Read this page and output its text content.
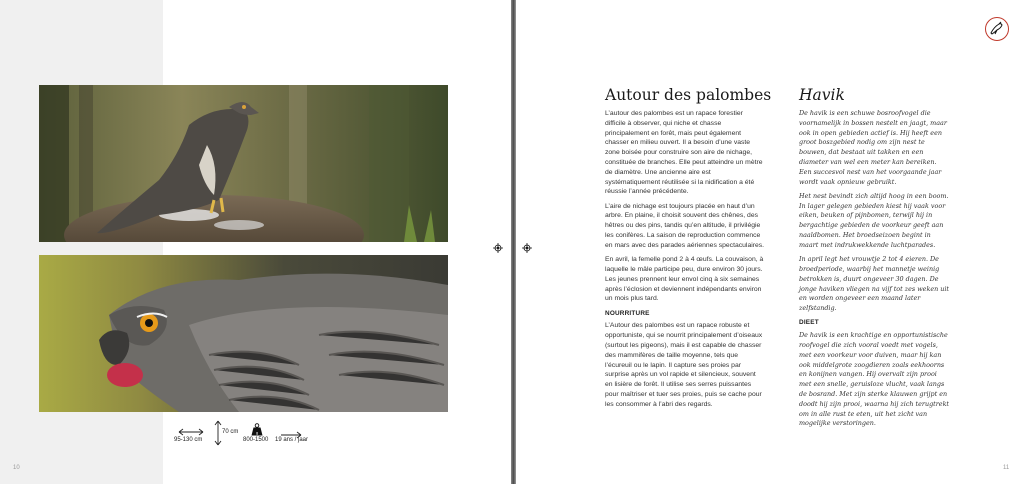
95-130 cm
70 cm	g
800-1500 19 ans / jaar
10
Autour des palombes

L’autour des palombes est un rapace forestier difficile à observer, qui niche et chasse principalement en forêt, mais peut également chasser en milieu ouvert. Il a besoin d’une vaste zone boisée pour construire son aire de nichage, constituée de branches. Elle peut atteindre un mètre de diamètre. Une ancienne aire est systématiquement réutilisée si la nidification a été réussie l’année précédente.

L’aire de nichage est toujours placée en haut d’un arbre. En plaine, il choisit souvent des chênes, des hêtres ou des pins, tandis qu’en altitude, il privilégie les conifères. La saison de reproduction commence en mars avec des parades aériennes spectaculaires.

En avril, la femelle pond 2 à 4 œufs. La couvaison, à laquelle le mâle participe peu, dure environ 30 jours. Les jeunes prennent leur envol cinq à six semaines après l’éclosion et deviennent indépendants environ un mois plus tard.

NOURRITURE

L’Autour des palombes est un rapace robuste et opportuniste, qui se nourrit principalement d’oiseaux (surtout les pigeons), mais il est capable de chasser des mammifères de taille moyenne, tels que l’écureuil ou le lapin. Il capture ses proies par surprise après un vol rapide et silencieux, souvent en lisière de forêt. Il utilise ses serres puissantes pour maîtriser et tuer ses proies, puis se cache pour les consommer à l’abri des regards.

Havik

De havik is een schuwe bosroofvogel die voornamelijk in bossen nestelt en jaagt, maar ook in open gebieden actief is. Hij heeft een groot boszgebied nodig om zijn nest te bouwen, dat bestaat uit takken en een diameter van wel een meter kan bereiken. Een succesvol nest van het voorgaande jaar wordt vaak opnieuw gebruikt.

Het nest bevindt zich altijd hoog in een boom. In lager gelegen gebieden kiest hij vaak voor eiken, beuken of pijnbomen, terwijl hij in bergachtige gebieden de voorkeur geeft aan naaldbomen. Het broedseizoen begint in maart met indrukwekkende luchtparades.

In april legt het vrouwtje 2 tot 4 eieren. De broedperiode, waarbij het mannetje weinig betrokken is, duurt ongeveer 30 dagen. De jonge haviken vliegen na vijf tot zes weken uit en worden ongeveer een maand later zelfstandig.

DIEET

De havik is een krachtige en opportunistische roofvogel die zich vooral voedt met vogels, met een voorkeur voor duiven, maar hij kan ook middelgrote zoogdieren zoals eekhoorns en konijnen vangen. Hij overvalt zijn prooi met een snelle, geruisloze vlucht, vaak langs de bosrand. Met zijn sterke klauwen grijpt en doodt hij zijn prooi, waarna hij zich terugtrekt om in alle rust te eten, uit het zicht van mogelijke verstoringen.

11
